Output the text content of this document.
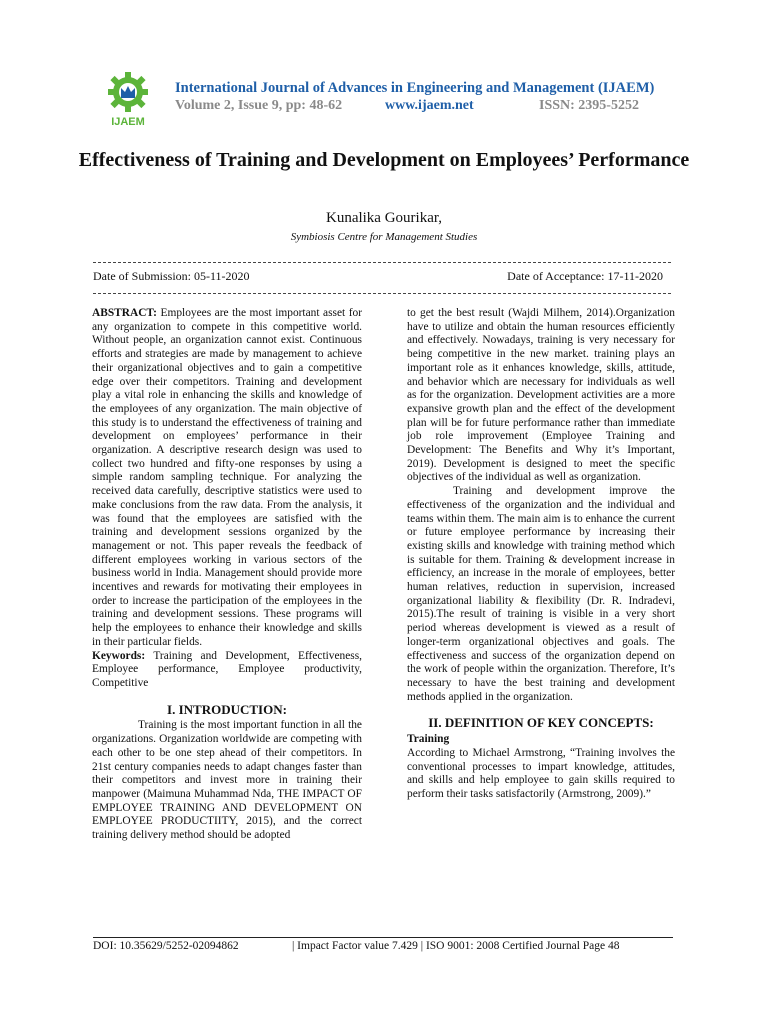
IJAEM
International Journal of Advances in Engineering and Management (IJAEM)
Volume 2, Issue 9, pp: 48-62	www.ijaem.net	ISSN: 2395-5252
Effectiveness of Training and Development on Employees’ Performance
Kunalika Gourikar,
Symbiosis Centre for Management Studies
Date of Submission: 05-11-2020	Date of Acceptance: 17-11-2020

ABSTRACT: Employees are the most important asset for any organization to compete in this competitive world. Without people, an organization cannot exist. Continuous efforts and strategies are made by management to achieve their organizational objectives and to gain a competitive edge over their competitors. Training and development play a vital role in enhancing the skills and knowledge of the employees of any organization. The main objective of this study is to understand the effectiveness of training and development on employees’ performance in their organization. A descriptive research design was used to collect two hundred and fifty-one responses by using a simple random sampling technique. For analyzing the received data carefully, descriptive statistics were used to make conclusions from the raw data. From the analysis, it was found that the employees are satisfied with the training and development sessions organized by the management or not. This paper reveals the feedback of different employees working in various sectors of the business world in India. Management should provide more incentives and rewards for motivating their employees in order to increase the participation of the employees in the training and development sessions. These programs will help the employees to enhance their knowledge and skills in their particular fields.

Keywords: Training and Development, Effectiveness, Employee performance, Employee productivity, Competitive

I. INTRODUCTION:

Training is the most important function in all the organizations. Organization worldwide are competing with each other to be one step ahead of their competitors. In 21st century companies needs to adapt changes faster than their competitors and invest more in training their manpower (Maimuna Muhammad Nda, THE IMPACT OF EMPLOYEE TRAINING AND DEVELOPMENT ON EMPLOYEE PRODUCTIITY, 2015), and the correct training delivery method should be adopted

to get the best result (Wajdi Milhem, 2014).Organization have to utilize and obtain the human resources efficiently and effectively. Nowadays, training is very necessary for being competitive in the new market. training plays an important role as it enhances knowledge, skills, attitude, and behavior which are necessary for individuals as well as for the organization. Development activities are a more expansive growth plan and the effect of the development plan will be for future performance rather than immediate job role improvement (Employee Training and Development: The Benefits and Why it’s Important, 2019). Development is designed to meet the specific objectives of the individual as well as organization.

Training and development improve the effectiveness of the organization and the individual and teams within them. The main aim is to enhance the current or future employee performance by increasing their existing skills and knowledge with training method which is suitable for them. Training & development increase in efficiency, an increase in the morale of employees, better human relatives, reduction in supervision, increased organizational liability & flexibility (Dr. R. Indradevi, 2015).The result of training is visible in a very short period whereas development is viewed as a result of longer-term organizational objectives and goals. The effectiveness and success of the organization depend on the work of people within the organization. Therefore, It’s necessary to have the best training and development methods applied in the organization.

II. DEFINITION OF KEY CONCEPTS:

Training

According to Michael Armstrong, “Training involves the conventional processes to impart knowledge, attitudes, and skills and help employee to gain skills required to perform their tasks satisfactorily (Armstrong, 2009).”

DOI: 10.35629/5252-02094862	| Impact Factor value 7.429 | ISO 9001: 2008 Certified Journal Page 48
